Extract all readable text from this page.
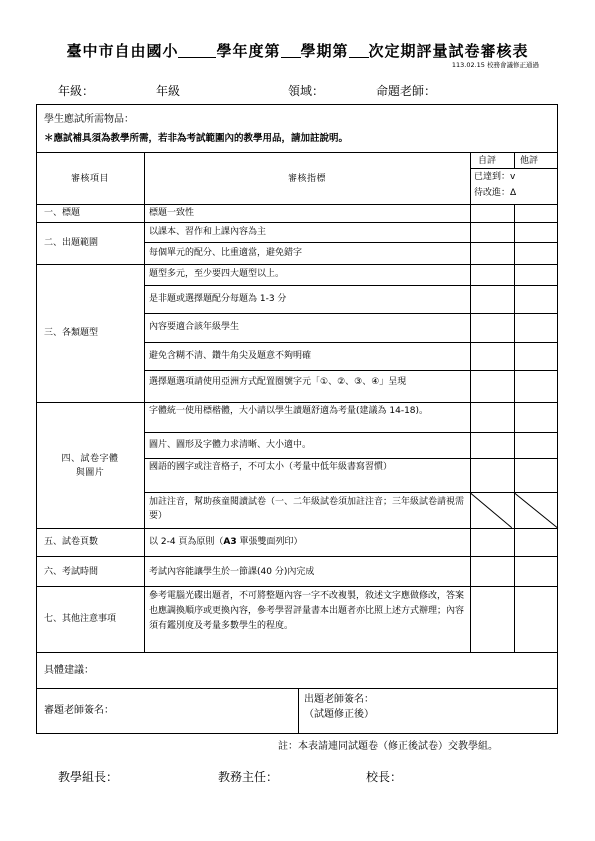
臺中市自由國小	學年度第 學期第 次定期評量試卷審核表
113.02.15 校務會議修正通過
年級：	年級	領域：	命題老師：
學生應試所需物品：
＊應試補具須為教學所需，若非為考試範圍內的教學用品，請加註說明。
審核項目	審核指標
自評	他評
已達到：v
待改進：Δ
一、標題	標題一致性
二、出題範圍
以課本、習作和上課內容為主
每個單元的配分、比重適當，避免錯字
三、各類題型
題型多元，至少要四大題型以上。
是非題或選擇題配分每題為 1-3 分
內容要適合該年級學生
避免含糊不清、鑽牛角尖及題意不夠明確
選擇題選項請使用亞洲方式配置圈號字元「①、②、③、④」呈現
四、試卷字體
與圖片
字體統一使用標楷體，大小請以學生讀題舒適為考量(建議為 14-18)。
圖片、圖形及字體力求清晰、大小適中。
國語的國字或注音格子，不可太小（考量中低年級書寫習慣）
加註注音，幫助孩童閱讀試卷（一、二年級試卷須加註注音；三年級試卷請視需要）
五、試卷頁數	以 2-4 頁為原則（A3 單張雙面列印）
六、考試時間	考試內容能讓學生於一節課(40 分)內完成
七、其他注意事項
參考電腦光碟出題者，不可將整題內容一字不改複製，敘述文字應做修改，答案也應調換順序或更換內容，參考學習評量書本出題者亦比照上述方式辦理；內容須有鑑別度及考量多數學生的程度。
具體建議：
審題老師簽名：
出題老師簽名：
（試題修正後）
註：本表請連同試題卷（修正後試卷）交教學組。
教學組長：	教務主任：	校長：
